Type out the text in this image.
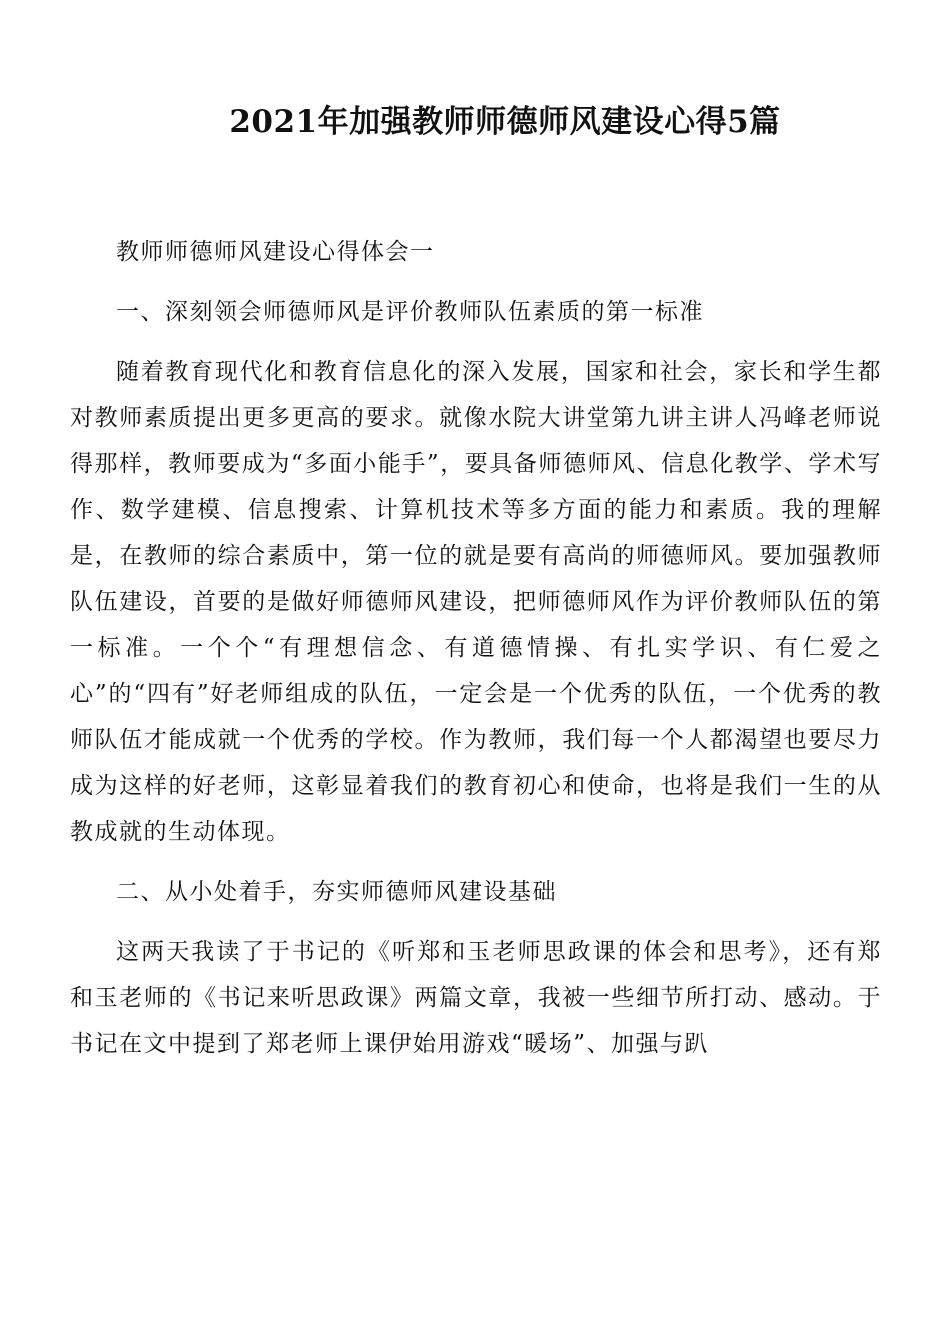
2021年加强教师师德师风建设心得5篇

教师师德师风建设心得体会一

一、深刻领会师德师风是评价教师队伍素质的第一标准

随着教育现代化和教育信息化的深入发展，国家和社会，家长和学生都对教师素质提出更多更高的要求。就像水院大讲堂第九讲主讲人冯峰老师说得那样，教师要成为“多面小能手”，要具备师德师风、信息化教学、学术写作、数学建模、信息搜索、计算机技术等多方面的能力和素质。我的理解是，在教师的综合素质中，第一位的就是要有高尚的师德师风。要加强教师队伍建设，首要的是做好师德师风建设，把师德师风作为评价教师队伍的第一标准。一个个“有理想信念、有道德情操、有扎实学识、有仁爱之心”的“四有”好老师组成的队伍，一定会是一个优秀的队伍，一个优秀的教师队伍才能成就一个优秀的学校。作为教师，我们每一个人都渴望也要尽力成为这样的好老师，这彰显着我们的教育初心和使命，也将是我们一生的从教成就的生动体现。

二、从小处着手，夯实师德师风建设基础

这两天我读了于书记的《听郑和玉老师思政课的体会和思考》，还有郑和玉老师的《书记来听思政课》两篇文章，我被一些细节所打动、感动。于书记在文中提到了郑老师上课伊始用游戏“暖场”、加强与趴
